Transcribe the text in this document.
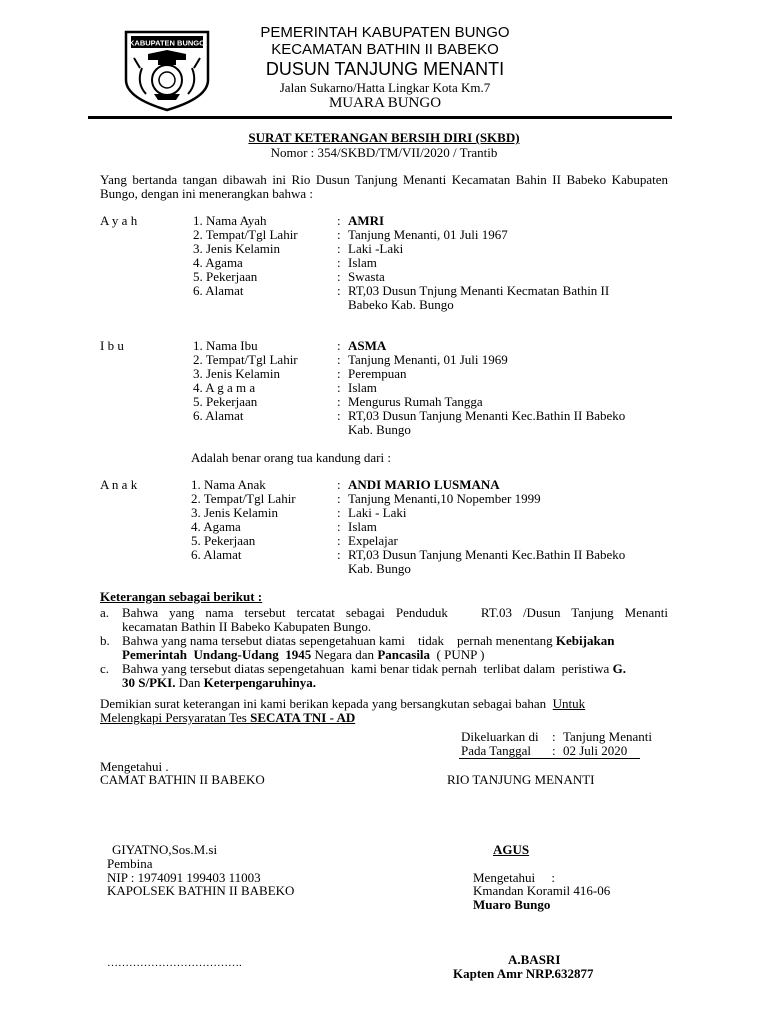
KABUPATEN BUNGO
PEMERINTAH KABUPATEN BUNGO
KECAMATAN BATHIN II BABEKO
DUSUN TANJUNG MENANTI
Jalan Sukarno/Hatta Lingkar Kota Km.7
MUARA BUNGO
SURAT KETERANGAN BERSIH DIRI (SKBD)
Nomor : 354/SKBD/TM/VII/2020 / Trantib
Yang bertanda tangan dibawah ini Rio Dusun Tanjung Menanti Kecamatan Bahin II Babeko Kabupaten Bungo, dengan ini menerangkan bahwa :
A y a h	1. Nama Ayah	: AMRI
2. Tempat/Tgl Lahir	: Tanjung Menanti, 01 Juli 1967
3. Jenis Kelamin	: Laki -Laki
4. Agama	: Islam
5. Pekerjaan	: Swasta
6. Alamat	: RT,03 Dusun Tnjung Menanti Kecmatan Bathin II
Babeko Kab. Bungo
I b u	1. Nama Ibu	: ASMA
2. Tempat/Tgl Lahir	: Tanjung Menanti, 01 Juli 1969
3. Jenis Kelamin	: Perempuan
4. A g a m a	: Islam
5. Pekerjaan	: Mengurus Rumah Tangga
6. Alamat	: RT,03 Dusun Tanjung Menanti Kec.Bathin II Babeko
Kab. Bungo
Adalah benar orang tua kandung dari :
A n a k	1. Nama Anak	: ANDI MARIO LUSMANA
2. Tempat/Tgl Lahir	: Tanjung Menanti,10 Nopember 1999
3. Jenis Kelamin	: Laki - Laki
4. Agama	: Islam
5. Pekerjaan	: Expelajar
6. Alamat	: RT,03 Dusun Tanjung Menanti Kec.Bathin II Babeko
Kab. Bungo
Keterangan sebagai berikut :
a. Bahwa yang nama tersebut tercatat sebagai Penduduk   RT.03 /Dusun Tanjung Menanti
kecamatan Bathin II Babeko Kabupaten Bungo.
b. Bahwa yang nama tersebut diatas sepengetahuan kami    tidak    pernah menentang Kebijakan
Pemerintah  Undang-Udang  1945 Negara dan Pancasila  ( PUNP )
c. Bahwa yang tersebut diatas sepengetahuan  kami benar tidak pernah  terlibat dalam  peristiwa G.
30 S/PKI. Dan Keterpengaruhinya.
Demikian surat keterangan ini kami berikan kepada yang bersangkutan sebagai bahan  Untuk
Melengkapi Persyaratan Tes SECATA TNI - AD
Dikeluarkan di : Tanjung Menanti
Pada Tanggal : 02 Juli 2020
Mengetahui .
CAMAT BATHIN II BABEKO	RIO TANJUNG MENANTI
GIYATNO,Sos.M.si	AGUS
Pembina
NIP : 1974091 199403 11003	Mengetahui     :
KAPOLSEK BATHIN II BABEKO	Kmandan Koramil 416-06
Muaro Bungo
……………………………….	A.BASRI
Kapten Amr NRP.632877
